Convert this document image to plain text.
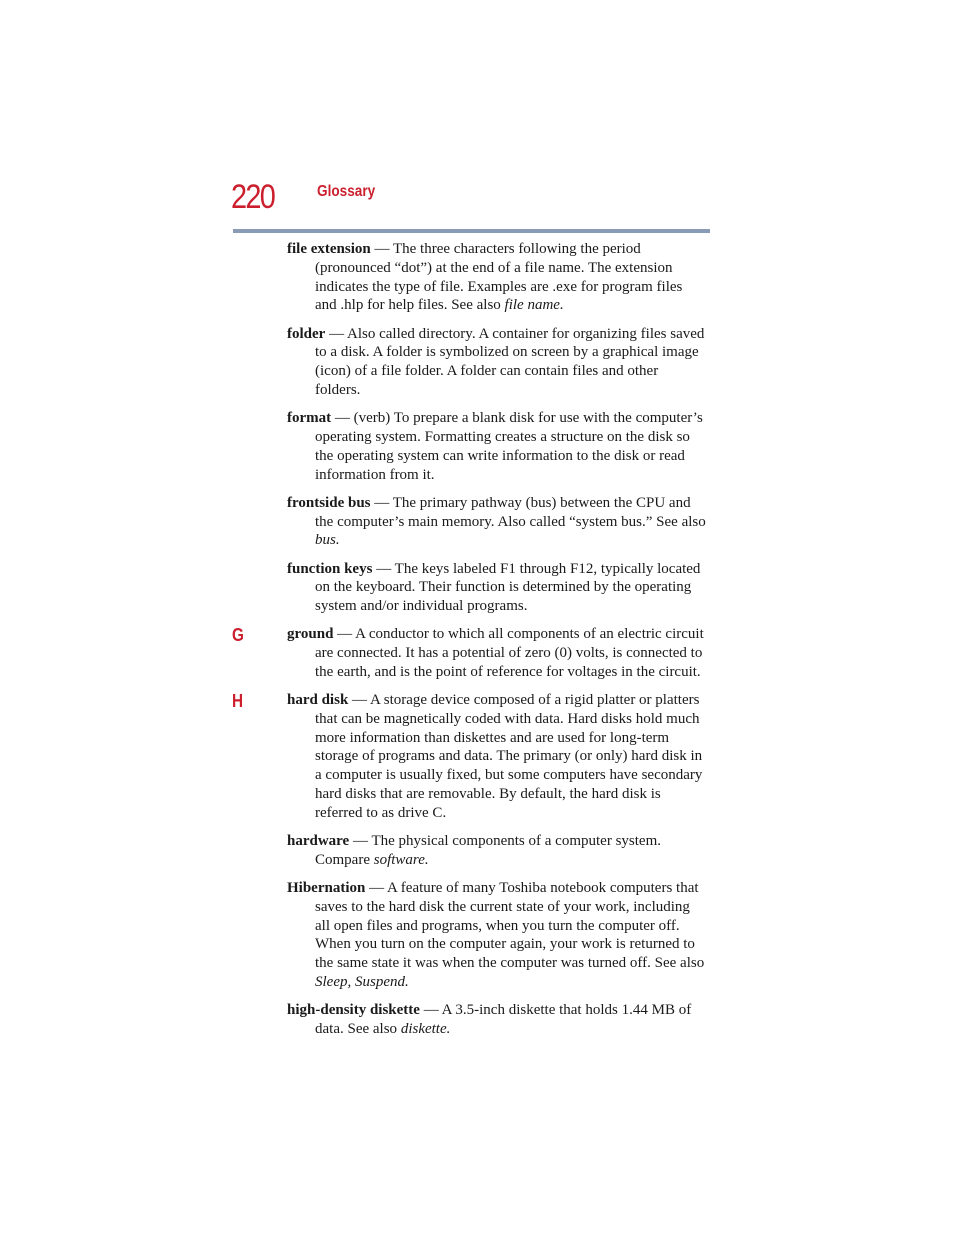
220	Glossary

file extension — The three characters following the period (pronounced “dot”) at the end of a file name. The extension indicates the type of file. Examples are .exe for program files and .hlp for help files. See also file name.

folder — Also called directory. A container for organizing files saved to a disk. A folder is symbolized on screen by a graphical image (icon) of a file folder. A folder can contain files and other folders.

format — (verb) To prepare a blank disk for use with the computer’s operating system. Formatting creates a structure on the disk so the operating system can write information to the disk or read information from it.

frontside bus — The primary pathway (bus) between the CPU and the computer’s main memory. Also called “system bus.” See also bus.

function keys — The keys labeled F1 through F12, typically located on the keyboard. Their function is determined by the operating system and/or individual programs.

G	ground — A conductor to which all components of an electric circuit are connected. It has a potential of zero (0) volts, is connected to the earth, and is the point of reference for voltages in the circuit.

H	hard disk — A storage device composed of a rigid platter or platters that can be magnetically coded with data. Hard disks hold much more information than diskettes and are used for long-term storage of programs and data. The primary (or only) hard disk in a computer is usually fixed, but some computers have secondary hard disks that are removable. By default, the hard disk is referred to as drive C.

hardware — The physical components of a computer system. Compare software.

Hibernation — A feature of many Toshiba notebook computers that saves to the hard disk the current state of your work, including all open files and programs, when you turn the computer off. When you turn on the computer again, your work is returned to the same state it was when the computer was turned off. See also Sleep, Suspend.

high-density diskette — A 3.5-inch diskette that holds 1.44 MB of data. See also diskette.
